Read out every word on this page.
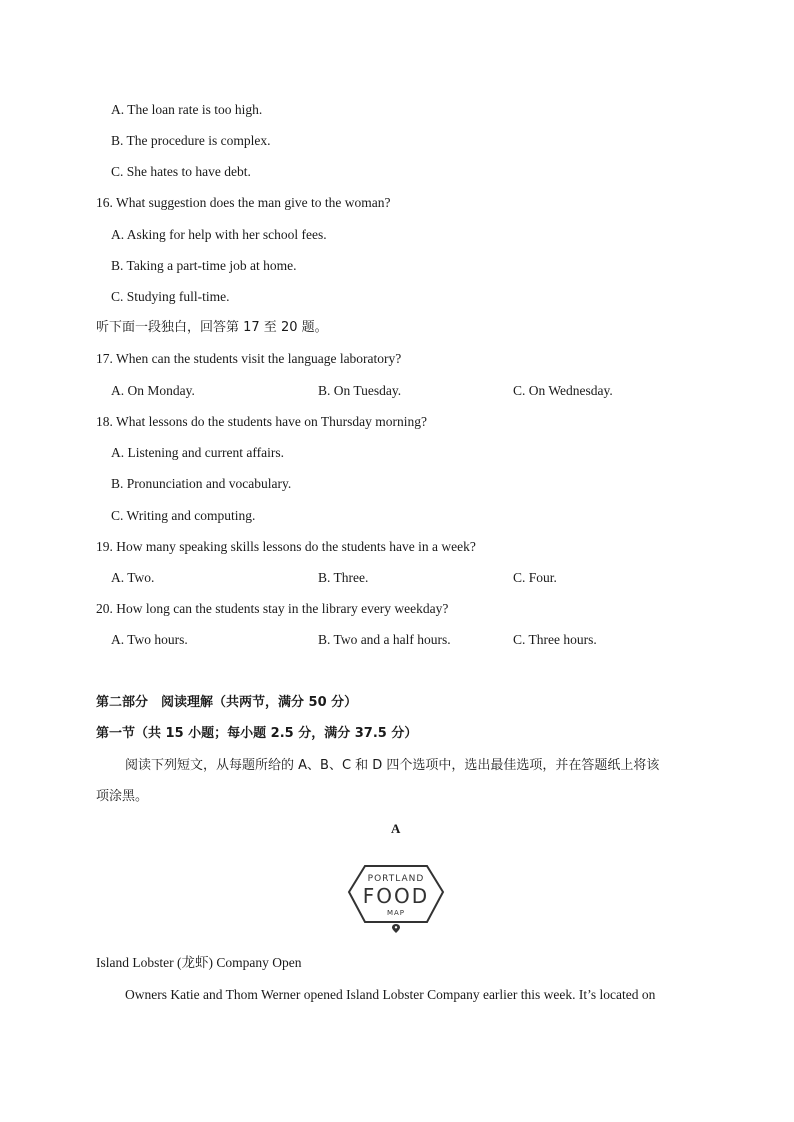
A. The loan rate is too high.
B. The procedure is complex.
C. She hates to have debt.
16. What suggestion does the man give to the woman?
A. Asking for help with her school fees.
B. Taking a part-time job at home.
C. Studying full-time.
听下面一段独白，回答第 17 至 20 题。
17. When can the students visit the language laboratory?
A. On Monday.	B. On Tuesday.	C. On Wednesday.
18. What lessons do the students have on Thursday morning?
A. Listening and current affairs.
B. Pronunciation and vocabulary.
C. Writing and computing.
19. How many speaking skills lessons do the students have in a week?
A. Two.	B. Three.	C. Four.
20. How long can the students stay in the library every weekday?
A. Two hours.	B. Two and a half hours.	C. Three hours.
第二部分　阅读理解（共两节，满分 50 分）
第一节（共 15 小题；每小题 2.5 分，满分 37.5 分）
阅读下列短文，从每题所给的 A、B、C 和 D 四个选项中，选出最佳选项，并在答题纸上将该
项涂黑。
A
PORTLAND
FOOD
MAP
Island Lobster (龙虾) Company Open
Owners Katie and Thom Werner opened Island Lobster Company earlier this week. It’s located on
